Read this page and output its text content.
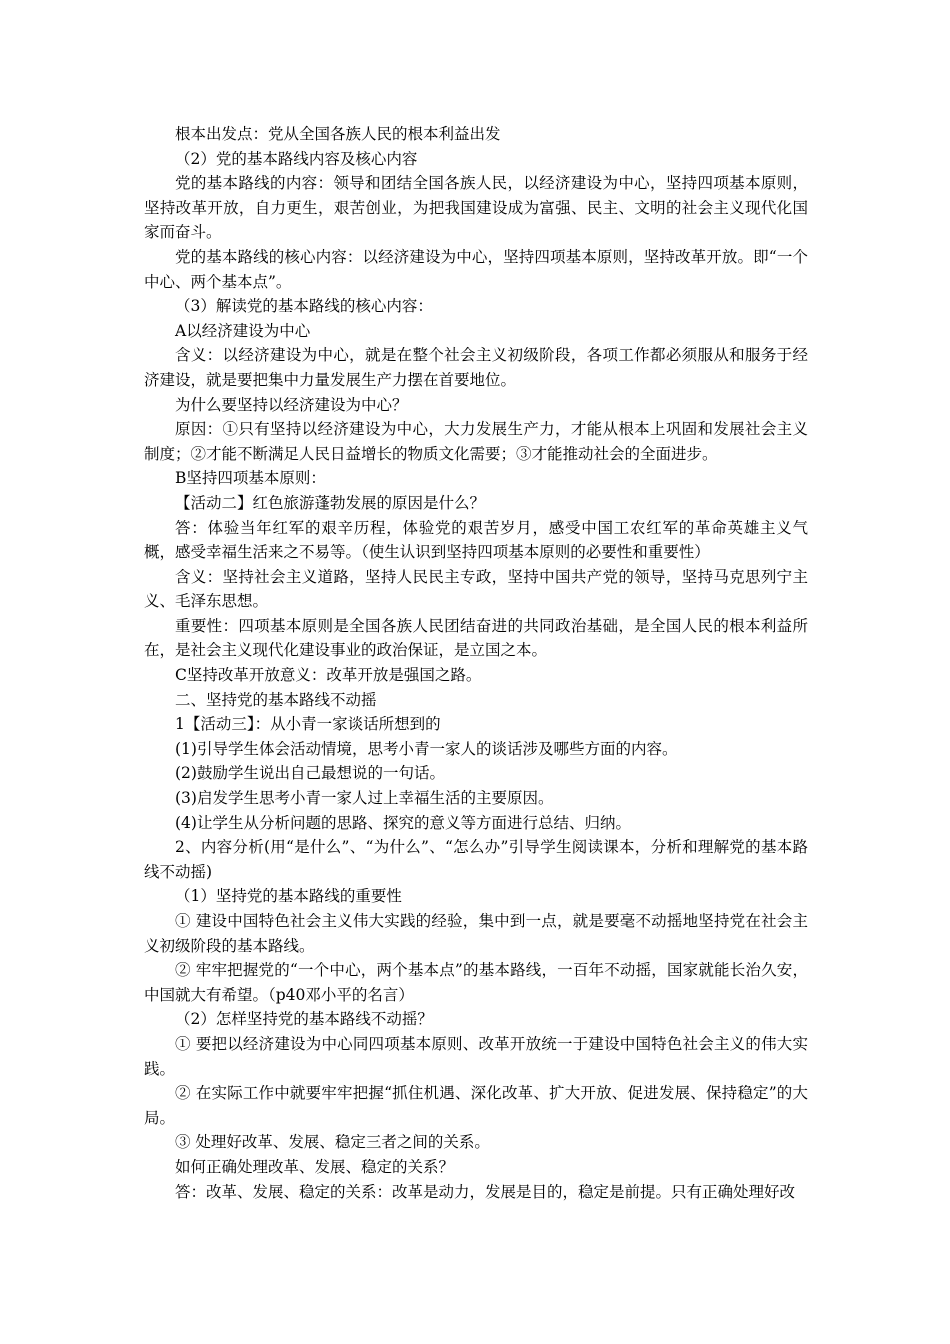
根本出发点：党从全国各族人民的根本利益出发

（2）党的基本路线内容及核心内容

党的基本路线的内容：领导和团结全国各族人民，以经济建设为中心，坚持四项基本原则，坚持改革开放，自力更生，艰苦创业，为把我国建设成为富强、民主、文明的社会主义现代化国家而奋斗。

党的基本路线的核心内容：以经济建设为中心，坚持四项基本原则，坚持改革开放。即“一个中心、两个基本点”。

（3）解读党的基本路线的核心内容：

A以经济建设为中心

含义：以经济建设为中心，就是在整个社会主义初级阶段，各项工作都必须服从和服务于经济建设，就是要把集中力量发展生产力摆在首要地位。

为什么要坚持以经济建设为中心？

原因：①只有坚持以经济建设为中心，大力发展生产力，才能从根本上巩固和发展社会主义制度；②才能不断满足人民日益增长的物质文化需要；③才能推动社会的全面进步。

B坚持四项基本原则：

【活动二】红色旅游蓬勃发展的原因是什么？

答：体验当年红军的艰辛历程，体验党的艰苦岁月，感受中国工农红军的革命英雄主义气概，感受幸福生活来之不易等。（使生认识到坚持四项基本原则的必要性和重要性）

含义：坚持社会主义道路，坚持人民民主专政，坚持中国共产党的领导，坚持马克思列宁主义、毛泽东思想。

重要性：四项基本原则是全国各族人民团结奋进的共同政治基础，是全国人民的根本利益所在，是社会主义现代化建设事业的政治保证，是立国之本。

C坚持改革开放意义：改革开放是强国之路。

二、坚持党的基本路线不动摇

1【活动三】：从小青一家谈话所想到的

(1)引导学生体会活动情境，思考小青一家人的谈话涉及哪些方面的内容。

(2)鼓励学生说出自己最想说的一句话。

(3)启发学生思考小青一家人过上幸福生活的主要原因。

(4)让学生从分析问题的思路、探究的意义等方面进行总结、归纳。

2、内容分析(用“是什么”、“为什么”、“怎么办”引导学生阅读课本，分析和理解党的基本路线不动摇)

（1）坚持党的基本路线的重要性

① 建设中国特色社会主义伟大实践的经验，集中到一点，就是要毫不动摇地坚持党在社会主义初级阶段的基本路线。

② 牢牢把握党的“一个中心，两个基本点”的基本路线，一百年不动摇，国家就能长治久安，中国就大有希望。（p40邓小平的名言）

（2）怎样坚持党的基本路线不动摇？

① 要把以经济建设为中心同四项基本原则、改革开放统一于建设中国特色社会主义的伟大实践。

② 在实际工作中就要牢牢把握“抓住机遇、深化改革、扩大开放、促进发展、保持稳定”的大局。

③ 处理好改革、发展、稳定三者之间的关系。

如何正确处理改革、发展、稳定的关系？

答：改革、发展、稳定的关系：改革是动力，发展是目的，稳定是前提。只有正确处理好改
